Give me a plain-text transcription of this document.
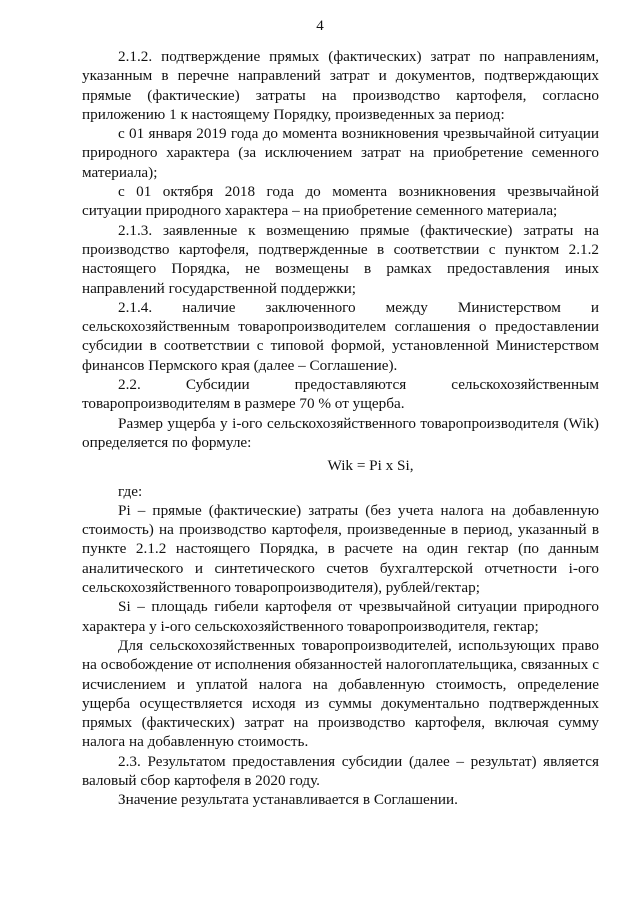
4

2.1.2. подтверждение прямых (фактических) затрат по направлениям, указанным в перечне направлений затрат и документов, подтверждающих прямые (фактические) затраты на производство картофеля, согласно приложению 1 к настоящему Порядку, произведенных за период:

с 01 января 2019 года до момента возникновения чрезвычайной ситуации природного характера (за исключением затрат на приобретение семенного материала);

с 01 октября 2018 года до момента возникновения чрезвычайной ситуации природного характера – на приобретение семенного материала;

2.1.3. заявленные к возмещению прямые (фактические) затраты на производство картофеля, подтвержденные в соответствии с пунктом 2.1.2 настоящего Порядка, не возмещены в рамках предоставления иных направлений государственной поддержки;

2.1.4. наличие заключенного между Министерством и сельскохозяйственным товаропроизводителем соглашения о предоставлении субсидии в соответствии с типовой формой, установленной Министерством финансов Пермского края (далее – Соглашение).

2.2. Субсидии предоставляются сельскохозяйственным товаропроизводителям в размере 70 % от ущерба.

Размер ущерба у i-ого сельскохозяйственного товаропроизводителя (Wik) определяется по формуле:

Wik = Pi x Si,

где:

Pi – прямые (фактические) затраты (без учета налога на добавленную стоимость) на производство картофеля, произведенные в период, указанный в пункте 2.1.2 настоящего Порядка, в расчете на один гектар (по данным аналитического и синтетического счетов бухгалтерской отчетности i-ого сельскохозяйственного товаропроизводителя), рублей/гектар;

Si – площадь гибели картофеля от чрезвычайной ситуации природного характера у i-ого сельскохозяйственного товаропроизводителя, гектар;

Для сельскохозяйственных товаропроизводителей, использующих право на освобождение от исполнения обязанностей налогоплательщика, связанных с исчислением и уплатой налога на добавленную стоимость, определение ущерба осуществляется исходя из суммы документально подтвержденных прямых (фактических) затрат на производство картофеля, включая сумму налога на добавленную стоимость.

2.3. Результатом предоставления субсидии (далее – результат) является валовый сбор картофеля в 2020 году.

Значение результата устанавливается в Соглашении.
